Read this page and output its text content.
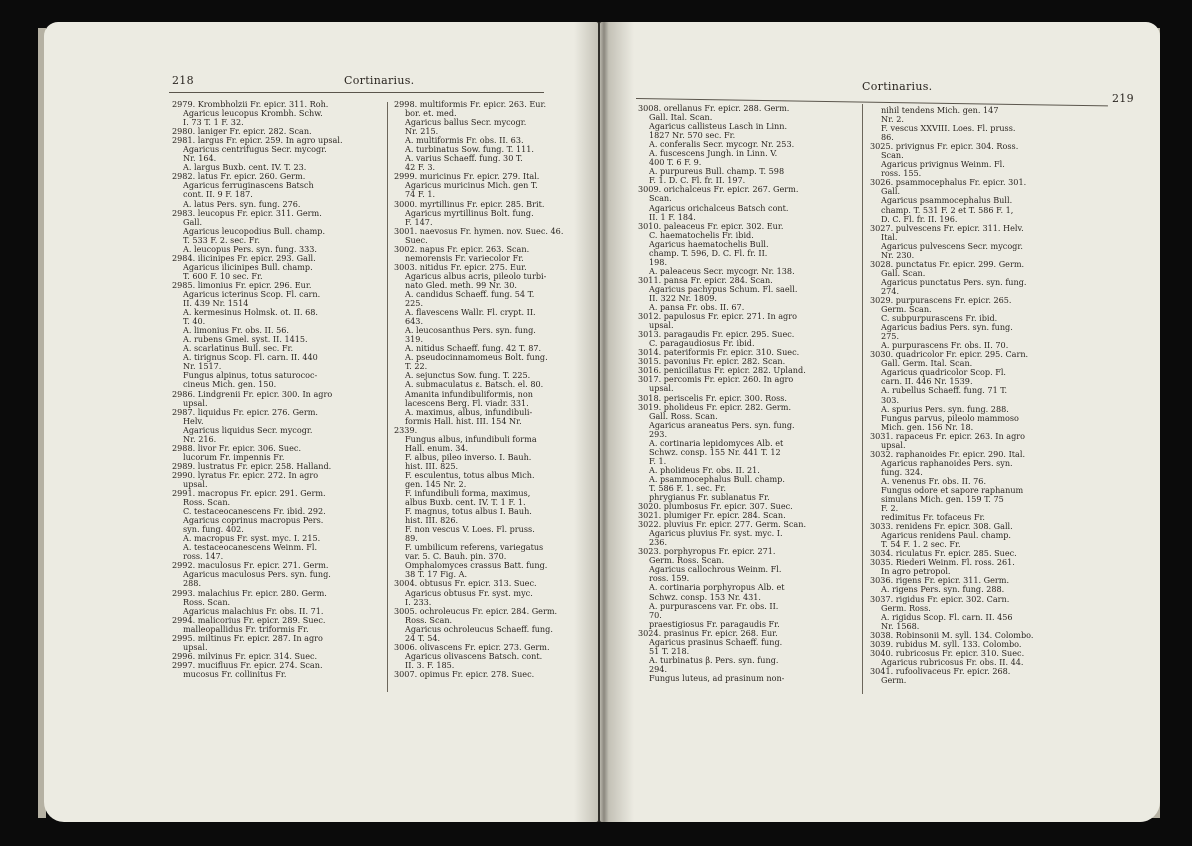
218	Cortinarius.
2979. Krombholzii Fr. epicr. 311. Roh.
Agaricus leucopus Krombh. Schw.
I. 73 T. 1 F. 32.
2980. laniger Fr. epicr. 282. Scan.
2981. largus Fr. epicr. 259. In agro upsal.
Agaricus centrifugus Secr. mycogr.
Nr. 164.
A. largus Buxb. cent. IV. T. 23.
2982. latus Fr. epicr. 260. Germ.
Agaricus ferruginascens Batsch
cont. II. 9 F. 187.
A. latus Pers. syn. fung. 276.
2983. leucopus Fr. epicr. 311. Germ.
Gall.
Agaricus leucopodius Bull. champ.
T. 533 F. 2. sec. Fr.
A. leucopus Pers. syn. fung. 333.
2984. ilicinipes Fr. epicr. 293. Gall.
Agaricus ilicinipes Bull. champ.
T. 600 F. 10 sec. Fr.
2985. limonius Fr. epicr. 296. Eur.
Agaricus icterinus Scop. Fl. carn.
II. 439 Nr. 1514
A. kermesinus Holmsk. ot. II. 68.
T. 40.
A. limonius Fr. obs. II. 56.
A. rubens Gmel. syst. II. 1415.
A. scarlatinus Bull. sec. Fr.
A. tirignus Scop. Fl. carn. II. 440
Nr. 1517.
Fungus alpinus, totus saturococ-
cineus Mich. gen. 150.
2986. Lindgrenii Fr. epicr. 300. In agro
upsal.
2987. liquidus Fr. epicr. 276. Germ.
Helv.
Agaricus liquidus Secr. mycogr.
Nr. 216.
2988. livor Fr. epicr. 306. Suec.
lucorum Fr. impennis Fr.
2989. lustratus Fr. epicr. 258. Halland.
2990. lyratus Fr. epicr. 272. In agro
upsal.
2991. macropus Fr. epicr. 291. Germ.
Ross. Scan.
C. testaceocanescens Fr. ibid. 292.
Agaricus coprinus macropus Pers.
syn. fung. 402.
A. macropus Fr. syst. myc. I. 215.
A. testaceocanescens Weinm. Fl.
ross. 147.
2992. maculosus Fr. epicr. 271. Germ.
Agaricus maculosus Pers. syn. fung.
288.
2993. malachius Fr. epicr. 280. Germ.
Ross. Scan.
Agaricus malachius Fr. obs. II. 71.
2994. malicorius Fr. epicr. 289. Suec.
malleopallidus Fr. triformis Fr.
2995. miltinus Fr. epicr. 287. In agro
upsal.
2996. milvinus Fr. epicr. 314. Suec.
2997. mucifluus Fr. epicr. 274. Scan.
mucosus Fr. collinitus Fr.
2998. multiformis Fr. epicr. 263. Eur.
bor. et. med.
Agaricus ballus Secr. mycogr.
Nr. 215.
A. multiformis Fr. obs. II. 63.
A. turbinatus Sow. fung. T. 111.
A. varius Schaeff. fung. 30 T.
42 F. 3.
2999. muricinus Fr. epicr. 279. Ital.
Agaricus muricinus Mich. gen T.
74 F. 1.
3000. myrtillinus Fr. epicr. 285. Brit.
Agaricus myrtillinus Bolt. fung.
F. 147.
3001. naevosus Fr. hymen. nov. Suec. 46.
Suec.
3002. napus Fr. epicr. 263. Scan.
nemorensis Fr. variecolor Fr.
3003. nitidus Fr. epicr. 275. Eur.
Agaricus albus acris, pileolo turbi-
nato Gled. meth. 99 Nr. 30.
A. candidus Schaeff. fung. 54 T.
225.
A. flavescens Wallr. Fl. crypt. II.
643.
A. leucosanthus Pers. syn. fung.
319.
A. nitidus Schaeff. fung. 42 T. 87.
A. pseudocinnamomeus Bolt. fung.
T. 22.
A. sejunctus Sow. fung. T. 225.
A. submaculatus ε. Batsch. el. 80.
Amanita infundibuliformis, non
lacescens Berg. Fl. viadr. 331.
A. maximus, albus, infundibuli-
formis Hall. hist. III. 154 Nr.
2339.
Fungus albus, infundibuli forma
Hall. enum. 34.
F. albus, pileo inverso. I. Bauh.
hist. III. 825.
F. esculentus, totus albus Mich.
gen. 145 Nr. 2.
F. infundibuli forma, maximus,
albus Buxb. cent. IV. T. 1 F. 1.
F. magnus, totus albus I. Bauh.
hist. III. 826.
F. non vescus V. Loes. Fl. pruss.
89.
F. umbilicum referens, variegatus
var. 5. C. Bauh. pin. 370.
Omphalomyces crassus Batt. fung.
38 T. 17 Fig. A.
3004. obtusus Fr. epicr. 313. Suec.
Agaricus obtusus Fr. syst. myc.
I. 233.
3005. ochroleucus Fr. epicr. 284. Germ.
Ross. Scan.
Agaricus ochroleucus Schaeff. fung.
24 T. 54.
3006. olivascens Fr. epicr. 273. Germ.
Agaricus olivascens Batsch. cont.
II. 3. F. 185.
3007. opimus Fr. epicr. 278. Suec.
Cortinarius.
219
3008. orellanus Fr. epicr. 288. Germ.
Gall. Ital. Scan.
Agaricus callisteus Lasch in Linn.
1827 Nr. 570 sec. Fr.
A. conferalis Secr. mycogr. Nr. 253.
A. fuscescens Jungh. in Linn. V.
400 T. 6 F. 9.
A. purpureus Bull. champ. T. 598
F. 1. D. C. Fl. fr. II. 197.
3009. orichalceus Fr. epicr. 267. Germ.
Scan.
Agaricus orichalceus Batsch cont.
II. 1 F. 184.
3010. paleaceus Fr. epicr. 302. Eur.
C. haematochelis Fr. ibid.
Agaricus haematochelis Bull.
champ. T. 596, D. C. Fl. fr. II.
198.
A. paleaceus Secr. mycogr. Nr. 138.
3011. pansa Fr. epicr. 284. Scan.
Agaricus pachypus Schum. Fl. saell.
II. 322 Nr. 1809.
A. pansa Fr. obs. II. 67.
3012. papulosus Fr. epicr. 271. In agro
upsal.
3013. paragaudis Fr. epicr. 295. Suec.
C. paragaudiosus Fr. ibid.
3014. pateriformis Fr. epicr. 310. Suec.
3015. pavonius Fr. epicr. 282. Scan.
3016. penicillatus Fr. epicr. 282. Upland.
3017. percomis Fr. epicr. 260. In agro
upsal.
3018. periscelis Fr. epicr. 300. Ross.
3019. pholideus Fr. epicr. 282. Germ.
Gall. Ross. Scan.
Agaricus araneatus Pers. syn. fung.
293.
A. cortinaria lepidomyces Alb. et
Schwz. consp. 155 Nr. 441 T. 12
F. 1.
A. pholideus Fr. obs. II. 21.
A. psammocephalus Bull. champ.
T. 586 F. 1. sec. Fr.
phrygianus Fr. sublanatus Fr.
3020. plumbosus Fr. epicr. 307. Suec.
3021. plumiger Fr. epicr. 284. Scan.
3022. pluvius Fr. epicr. 277. Germ. Scan.
Agaricus pluvius Fr. syst. myc. I.
236.
3023. porphyropus Fr. epicr. 271.
Germ. Ross. Scan.
Agaricus callochrous Weinm. Fl.
ross. 159.
A. cortinaria porphyropus Alb. et
Schwz. consp. 153 Nr. 431.
A. purpurascens var. Fr. obs. II.
70.
praestigiosus Fr. paragaudis Fr.
3024. prasinus Fr. epicr. 268. Eur.
Agaricus prasinus Schaeff. fung.
51 T. 218.
A. turbinatus β. Pers. syn. fung.
294.
Fungus luteus, ad prasinum non-
nihil tendens Mich. gen. 147
Nr. 2.
F. vescus XXVIII. Loes. Fl. pruss.
86.
3025. privignus Fr. epicr. 304. Ross.
Scan.
Agaricus privignus Weinm. Fl.
ross. 155.
3026. psammocephalus Fr. epicr. 301.
Gall.
Agaricus psammocephalus Bull.
champ. T. 531 F. 2 et T. 586 F. 1,
D. C. Fl. fr. II. 196.
3027. pulvescens Fr. epicr. 311. Helv.
Ital.
Agaricus pulvescens Secr. mycogr.
Nr. 230.
3028. punctatus Fr. epicr. 299. Germ.
Gall. Scan.
Agaricus punctatus Pers. syn. fung.
274.
3029. purpurascens Fr. epicr. 265.
Germ. Scan.
C. subpurpurascens Fr. ibid.
Agaricus badius Pers. syn. fung.
275.
A. purpurascens Fr. obs. II. 70.
3030. quadricolor Fr. epicr. 295. Carn.
Gall. Germ. Ital. Scan.
Agaricus quadricolor Scop. Fl.
carn. II. 446 Nr. 1539.
A. rubellus Schaeff. fung. 71 T.
303.
A. spurius Pers. syn. fung. 288.
Fungus parvus, pileolo mammoso
Mich. gen. 156 Nr. 18.
3031. rapaceus Fr. epicr. 263. In agro
upsal.
3032. raphanoides Fr. epicr. 290. Ital.
Agaricus raphanoides Pers. syn.
fung. 324.
A. venenus Fr. obs. II. 76.
Fungus odore et sapore raphanum
simulans Mich. gen. 159 T. 75
F. 2.
redimitus Fr. tofaceus Fr.
3033. renidens Fr. epicr. 308. Gall.
Agaricus renidens Paul. champ.
T. 54 F. 1. 2 sec. Fr.
3034. riculatus Fr. epicr. 285. Suec.
3035. Riederi Weinm. Fl. ross. 261.
In agro petropol.
3036. rigens Fr. epicr. 311. Germ.
A. rigens Pers. syn. fung. 288.
3037. rigidus Fr. epicr. 302. Carn.
Germ. Ross.
A. rigidus Scop. Fl. carn. II. 456
Nr. 1568.
3038. Robinsonii M. syll. 134. Colombo.
3039. rubidus M. syll. 133. Colombo.
3040. rubricosus Fr. epicr. 310. Suec.
Agaricus rubricosus Fr. obs. II. 44.
3041. rufoolivaceus Fr. epicr. 268.
Germ.
